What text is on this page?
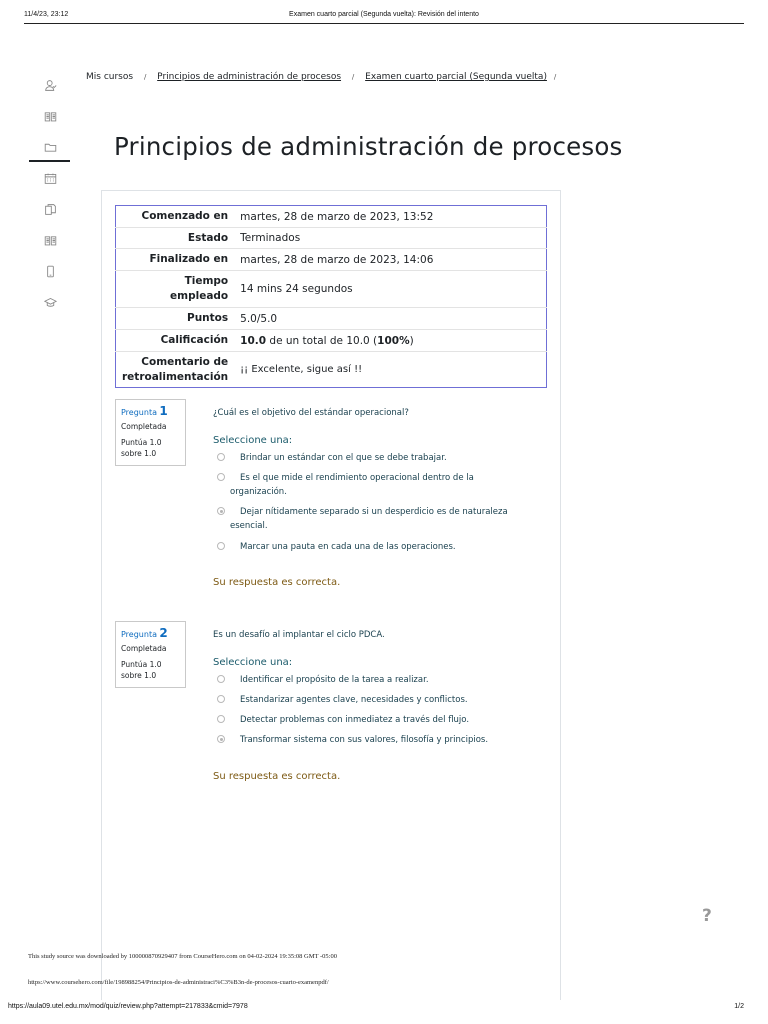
11/4/23, 23:12	Examen cuarto parcial (Segunda vuelta): Revisión del intento
Mis cursos / Principios de administración de procesos / Examen cuarto parcial (Segunda vuelta) /
Principios de administración de procesos
Comenzado en	martes, 28 de marzo de 2023, 13:52
Estado	Terminados
Finalizado en	martes, 28 de marzo de 2023, 14:06
Tiempo
empleado	14 mins 24 segundos
Puntos	5.0/5.0
Calificación	10.0 de un total de 10.0 (100%)
Comentario de
retroalimentación	¡¡ Excelente, sigue así !!
Pregunta 1
Completada
Puntúa 1.0
sobre 1.0
¿Cuál es el objetivo del estándar operacional?
Seleccione una:
Brindar un estándar con el que se debe trabajar.
Es el que mide el rendimiento operacional dentro de la
organización.
Dejar nítidamente separado si un desperdicio es de naturaleza
esencial.
Marcar una pauta en cada una de las operaciones.
Su respuesta es correcta.
Pregunta 2
Completada
Puntúa 1.0
sobre 1.0
Es un desafío al implantar el ciclo PDCA.
Seleccione una:
Identificar el propósito de la tarea a realizar.
Estandarizar agentes clave, necesidades y conflictos.
Detectar problemas con inmediatez a través del flujo.
Transformar sistema con sus valores, filosofía y principios.
Su respuesta es correcta.
?
This study source was downloaded by 100000870929407 from CourseHero.com on 04-02-2024 19:35:08 GMT -05:00
https://www.coursehero.com/file/198988254/Principios-de-administraci%C3%B3n-de-procesos-cuarto-examenpdf/
https://aula09.utel.edu.mx/mod/quiz/review.php?attempt=217833&cmid=7978	1/2
